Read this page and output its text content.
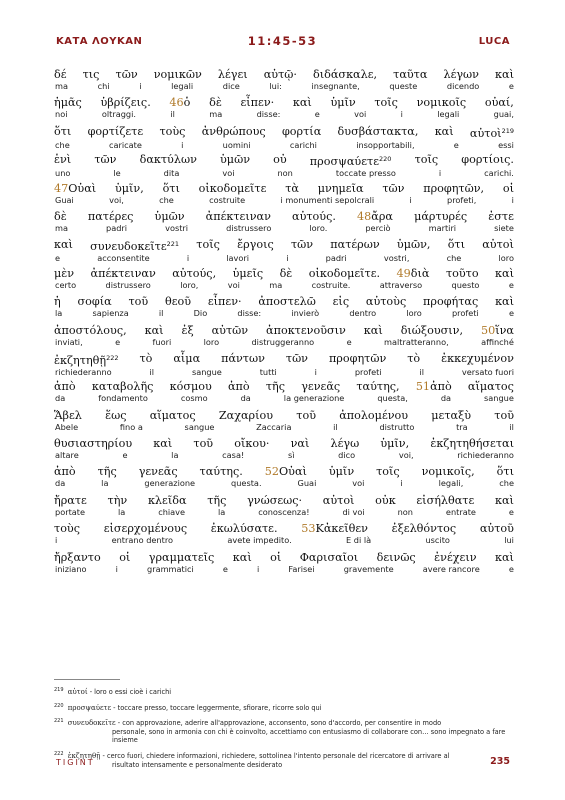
ΚΑΤΑ ΛΟΥΚΑΝ	11:45-53	LUCA
δέ τις τῶν νομικῶν λέγει αὐτῷ· διδάσκαλε, ταῦτα λέγων καὶ
ma	chi	i	legali	dice	lui:	insegnante,	queste	dicendo	e
ἡμᾶς ὑβρίζεις. 46ὁ δὲ εἶπεν· καὶ ὑμῖν τοῖς νομικοῖς οὐαί,
noi	oltraggi.	il	ma	disse:	e	voi	i	legali	guai,
ὅτι φορτίζετε τοὺς ἀνθρώπους φορτία δυσβάστακτα, καὶ αὐτοὶ$^{219}$
che	caricate	i	uomini	carichi	insopportabili,	e	essi
ἑνὶ τῶν δακτύλων ὑμῶν οὐ προσψαύετε$^{220}$ τοῖς φορτίοις.
uno	le	dita	voi	non	toccate presso	i	carichi.
47Οὐαὶ ὑμῖν, ὅτι οἰκοδομεῖτε τὰ μνημεῖα τῶν προφητῶν, οἱ
Guai	voi,	che	costruite	i monumenti sepolcrali	i	profeti,	i
δὲ πατέρες ὑμῶν ἀπέκτειναν αὐτούς. 48ἄρα μάρτυρές ἐστε
ma	padri	vostri	distrussero	loro.	perciò	martiri	siete
καὶ συνευδοκεῖτε$^{221}$ τοῖς ἔργοις τῶν πατέρων ὑμῶν, ὅτι αὐτοὶ
e	acconsentite	i	lavori	i	padri	vostri,	che	loro
μὲν ἀπέκτειναν αὐτούς, ὑμεῖς δὲ οἰκοδομεῖτε. 49διὰ τοῦτο καὶ
certo	distrussero	loro,	voi	ma	costruite.	attraverso	questo	e
ἡ σοφία τοῦ θεοῦ εἶπεν· ἀποστελῶ εἰς αὐτοὺς προφήτας καὶ
la	sapienza	il	Dio	disse:	invierò	dentro	loro	profeti	e
ἀποστόλους, καὶ ἐξ αὐτῶν ἀποκτενοῦσιν καὶ διώξουσιν, 50ἵνα
inviati,	e	fuori	loro	distruggeranno	e	maltratteranno,	affinché
ἐκζητηθῇ$^{222}$ τὸ αἷμα πάντων τῶν προφητῶν τὸ ἐκκεχυμένον
richiederanno	il	sangue	tutti	i	profeti	il	versato fuori
ἀπὸ καταβολῆς κόσμου ἀπὸ τῆς γενεᾶς ταύτης, 51ἀπὸ αἵματος
da	fondamento	cosmo	da	la generazione	questa,	da	sangue
Ἅβελ ἕως αἵματος Ζαχαρίου τοῦ ἀπολομένου μεταξὺ τοῦ
Abele	fino a	sangue	Zaccaria	il	distrutto	tra	il
θυσιαστηρίου καὶ τοῦ οἴκου· ναὶ λέγω ὑμῖν, ἐκζητηθήσεται
altare	e	la	casa!	sì	dico	voi,	richiederanno
ἀπὸ τῆς γενεᾶς ταύτης. 52Οὐαὶ ὑμῖν τοῖς νομικοῖς, ὅτι
da	la	generazione	questa.	Guai	voi	i	legali,	che
ἤρατε τὴν κλεῖδα τῆς γνώσεως· αὐτοὶ οὐκ εἰσήλθατε καὶ
portate	la	chiave	la	conoscenza!	di voi	non	entrate	e
τοὺς εἰσερχομένους ἐκωλύσατε. 53Κἀκεῖθεν ἐξελθόντος αὐτοῦ
i	entrano dentro	avete impedito.	E di là	uscito	lui
ἤρξαντο οἱ γραμματεῖς καὶ οἱ Φαρισαῖοι δεινῶς ἐνέχειν καὶ
iniziano	i	grammatici	e	i	Farisei	gravemente	avere rancore	e
$^{219}$ αὐτοί - loro o essi cioè i carichi
$^{220}$ προσψαύετε - toccare presso, toccare leggermente, sfiorare, ricorre solo qui
$^{221}$ συνευδοκεῖτε - con approvazione, aderire all'approvazione, acconsento, sono d'accordo, per consentire in modo
personale, sono in armonia con chi è coinvolto, accettiamo con entusiasmo di collaborare con… sono impegnato a fare insieme
$^{222}$ ἐκζητηθῇ - cerco fuori, chiedere informazioni, richiedere, sottolinea l'intento personale del ricercatore di arrivare al
risultato intensamente e personalmente desiderato
TIGINT	235
